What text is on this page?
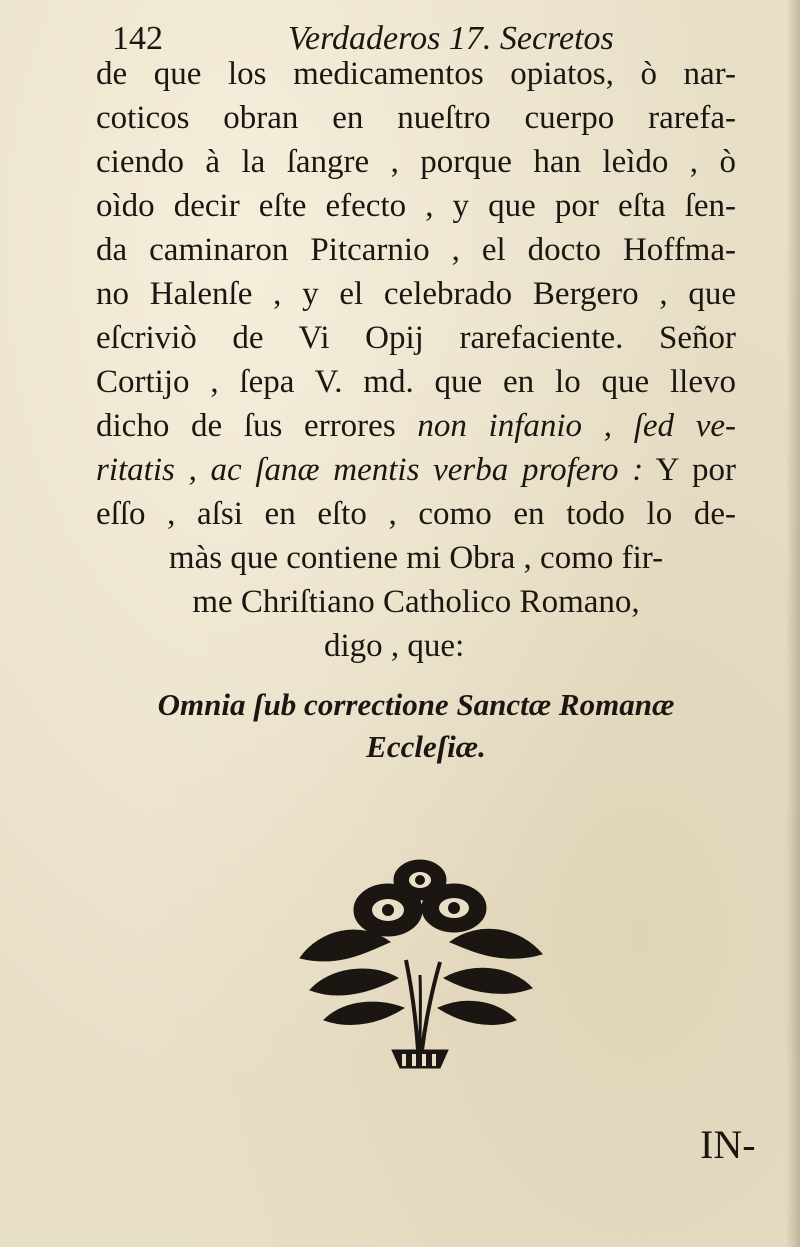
142	Verdaderos 17. Secretos
de que los medicamentos opiatos, ò nar-
coticos obran en nueſtro cuerpo rarefa-
ciendo à la ſangre , porque han leìdo , ò
oìdo decir eſte efecto , y que por eſta ſen-
da caminaron Pitcarnio , el docto Hoffma-
no Halenſe , y el celebrado Bergero , que
eſcriviò de Vi Opij rarefaciente. Señor
Cortijo , ſepa V. md. que en lo que llevo
dicho de ſus errores non infanio , ſed ve-
ritatis , ac ſanæ mentis verba profero : Y por
eſſo , aſsi en eſto , como en todo lo de-
màs que contiene mi Obra , como fir-
me Chriſtiano Catholico Romano,
digo , que:
Omnia ſub correctione Sanctæ Romanæ
Eccleſiæ.
IN-
